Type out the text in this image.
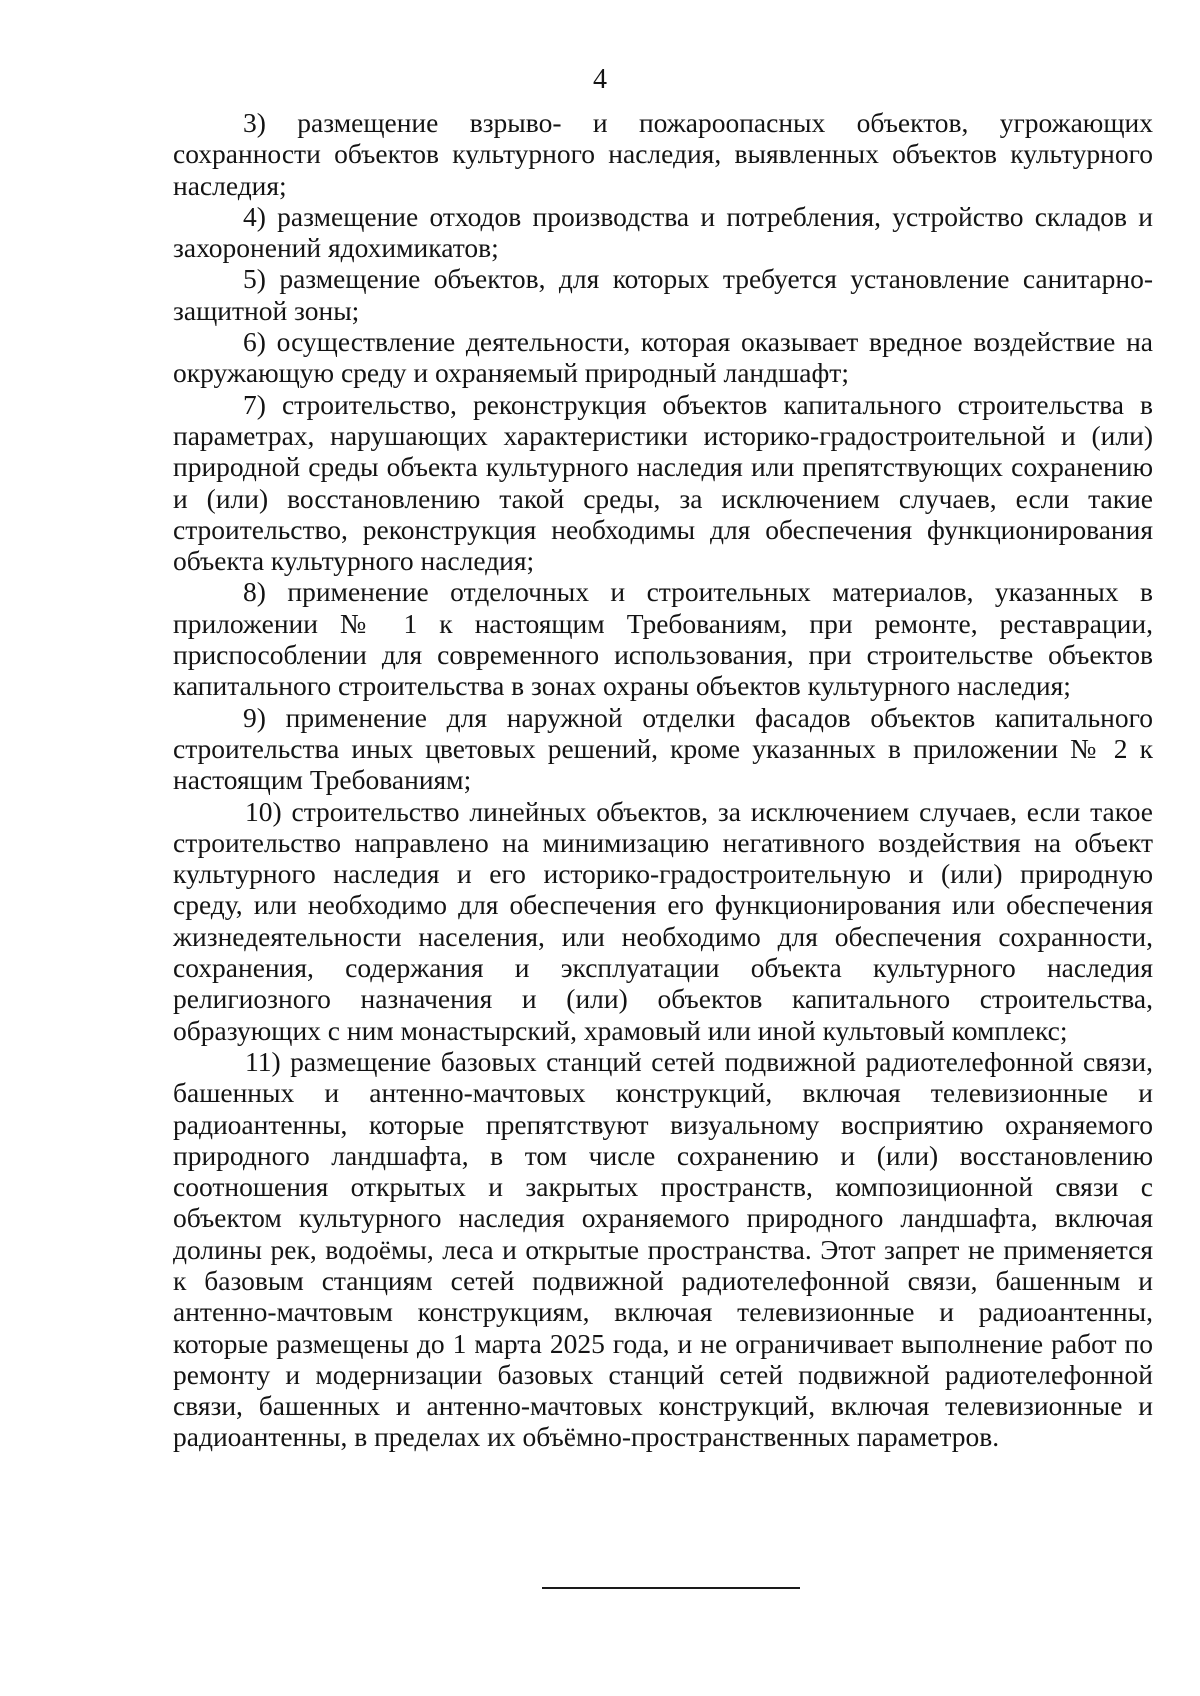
4

3) размещение взрыво- и пожароопасных объектов, угрожающих сохранности объектов культурного наследия, выявленных объектов культурного наследия;

4) размещение отходов производства и потребления, устройство складов и захоронений ядохимикатов;

5) размещение объектов, для которых требуется установление санитарно-защитной зоны;

6) осуществление деятельности, которая оказывает вредное воздействие на окружающую среду и охраняемый природный ландшафт;

7) строительство, реконструкция объектов капитального строительства в параметрах, нарушающих характеристики историко-градостроительной и (или) природной среды объекта культурного наследия или препятствующих сохранению и (или) восстановлению такой среды, за исключением случаев, если такие строительство, реконструкция необходимы для обеспечения функционирования объекта культурного наследия;

8) применение отделочных и строительных материалов, указанных в приложении № 1 к настоящим Требованиям, при ремонте, реставрации, приспособлении для современного использования, при строительстве объектов капитального строительства в зонах охраны объектов культурного наследия;

9) применение для наружной отделки фасадов объектов капитального строительства иных цветовых решений, кроме указанных в приложении № 2 к настоящим Требованиям;

10) строительство линейных объектов, за исключением случаев, если такое строительство направлено на минимизацию негативного воздействия на объект культурного наследия и его историко-градостроительную и (или) природную среду, или необходимо для обеспечения его функционирования или обеспечения жизнедеятельности населения, или необходимо для обеспечения сохранности, сохранения, содержания и эксплуатации объекта культурного наследия религиозного назначения и (или) объектов капитального строительства, образующих с ним монастырский, храмовый или иной культовый комплекс;

11) размещение базовых станций сетей подвижной радиотелефонной связи, башенных и антенно-мачтовых конструкций, включая телевизионные и радиоантенны, которые препятствуют визуальному восприятию охраняемого природного ландшафта, в том числе сохранению и (или) восстановлению соотношения открытых и закрытых пространств, композиционной связи с объектом культурного наследия охраняемого природного ландшафта, включая долины рек, водоёмы, леса и открытые пространства. Этот запрет не применяется к базовым станциям сетей подвижной радиотелефонной связи, башенным и антенно-мачтовым конструкциям, включая телевизионные и радиоантенны, которые размещены до 1 марта 2025 года, и не ограничивает выполнение работ по ремонту и модернизации базовых станций сетей подвижной радиотелефонной связи, башенных и антенно-мачтовых конструкций, включая телевизионные и радиоантенны, в пределах их объёмно-пространственных параметров.
